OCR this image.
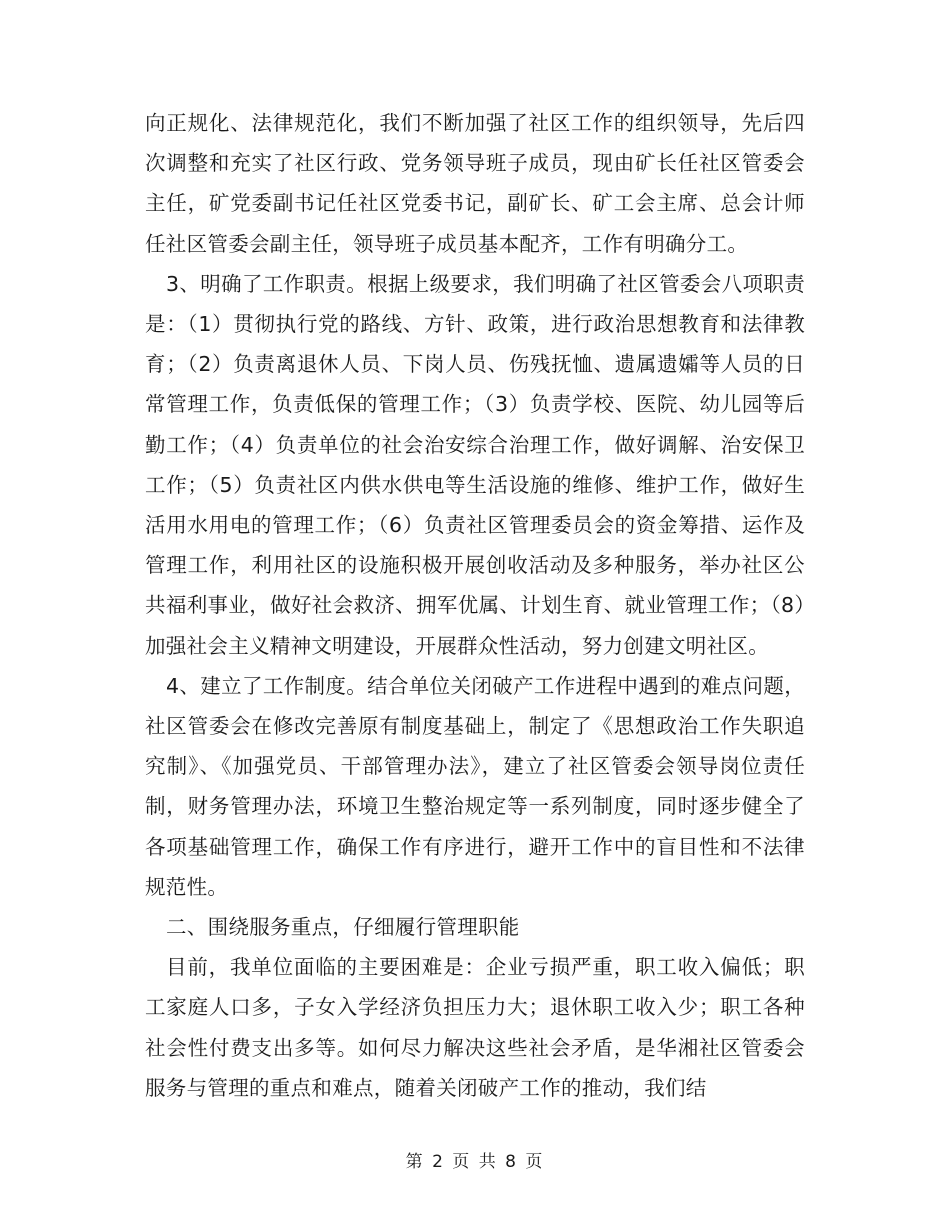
向正规化、法律规范化，我们不断加强了社区工作的组织领导，先后四次调整和充实了社区行政、党务领导班子成员，现由矿长任社区管委会主任，矿党委副书记任社区党委书记，副矿长、矿工会主席、总会计师任社区管委会副主任，领导班子成员基本配齐，工作有明确分工。

3、明确了工作职责。根据上级要求，我们明确了社区管委会八项职责是：（1）贯彻执行党的路线、方针、政策，进行政治思想教育和法律教育；（2）负责离退休人员、下岗人员、伤残抚恤、遗属遗孀等人员的日常管理工作，负责低保的管理工作；（3）负责学校、医院、幼儿园等后勤工作；（4）负责单位的社会治安综合治理工作，做好调解、治安保卫工作；（5）负责社区内供水供电等生活设施的维修、维护工作，做好生活用水用电的管理工作；（6）负责社区管理委员会的资金筹措、运作及管理工作，利用社区的设施积极开展创收活动及多种服务，举办社区公共福利事业，做好社会救济、拥军优属、计划生育、就业管理工作；（8）加强社会主义精神文明建设，开展群众性活动，努力创建文明社区。

4、建立了工作制度。结合单位关闭破产工作进程中遇到的难点问题，社区管委会在修改完善原有制度基础上，制定了《思想政治工作失职追究制》、《加强党员、干部管理办法》，建立了社区管委会领导岗位责任制，财务管理办法，环境卫生整治规定等一系列制度，同时逐步健全了各项基础管理工作，确保工作有序进行，避开工作中的盲目性和不法律规范性。

二、围绕服务重点，仔细履行管理职能

目前，我单位面临的主要困难是：企业亏损严重，职工收入偏低；职工家庭人口多，子女入学经济负担压力大；退休职工收入少；职工各种社会性付费支出多等。如何尽力解决这些社会矛盾，是华湘社区管委会服务与管理的重点和难点，随着关闭破产工作的推动，我们结

第 2 页 共 8 页
